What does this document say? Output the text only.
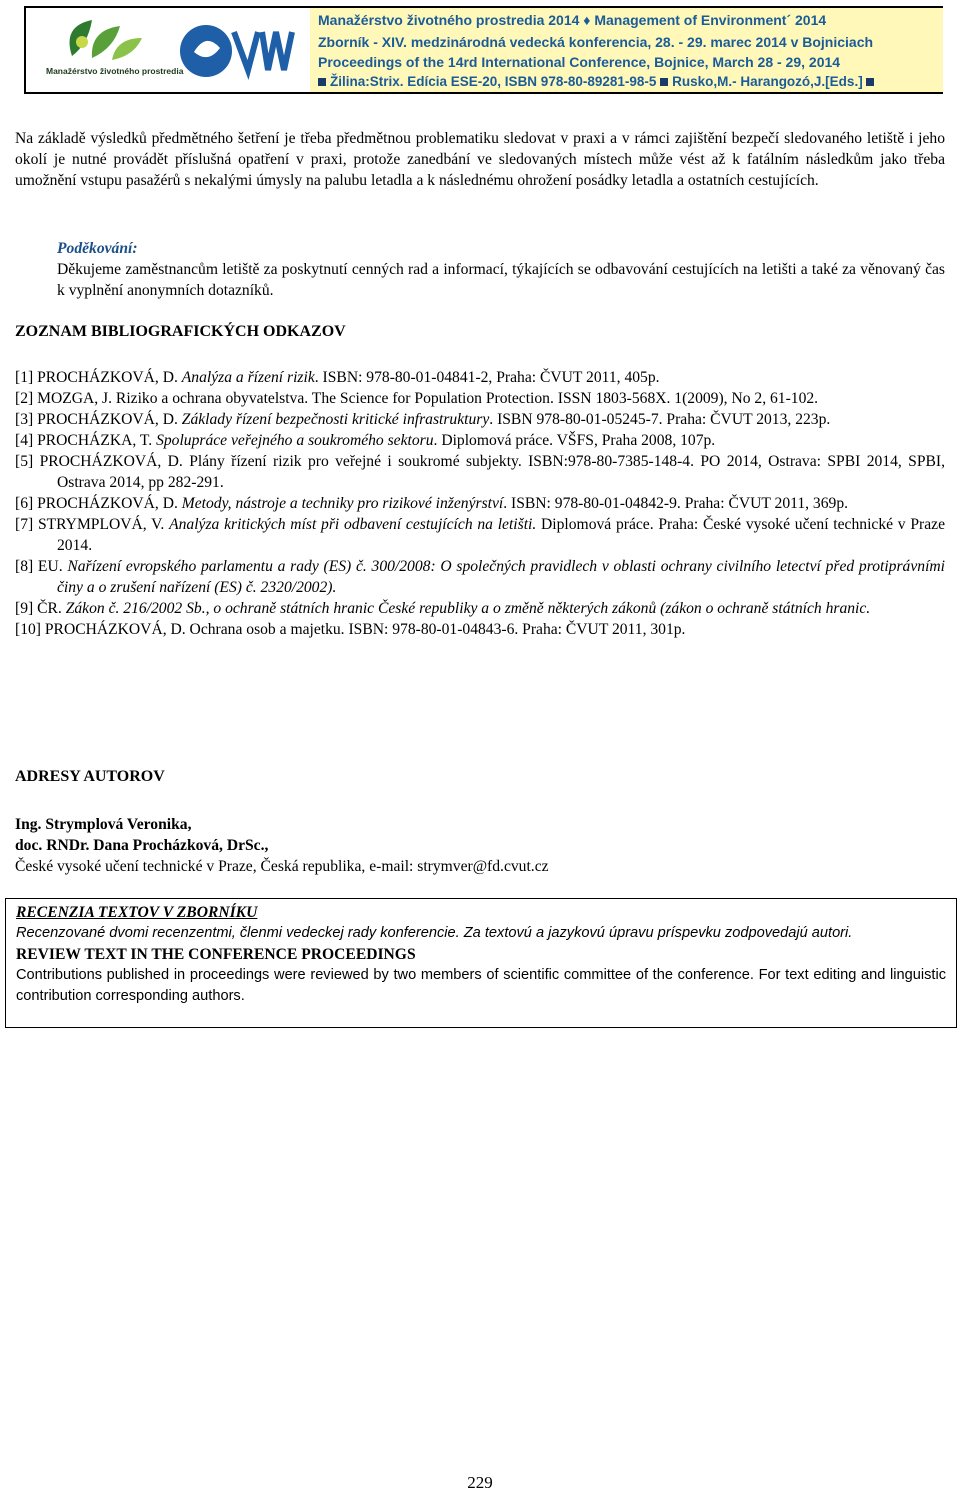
Manažérstvo životného prostredia
Manažérstvo životného prostredia 2014 ♦ Management of Environment´ 2014
Zborník - XIV. medzinárodná vedecká konferencia, 28. - 29. marec 2014 v Bojniciach
Proceedings of the 14rd International Conference, Bojnice, March 28 - 29, 2014
Žilina:Strix. Edícia ESE-20, ISBN 978-80-89281-98-5 Rusko,M.- Harangozó,J.[Eds.]
Na základě výsledků předmětného šetření je třeba předmětnou problematiku sledovat v praxi a v rámci zajištění bezpečí sledovaného letiště i jeho okolí je nutné provádět příslušná opatření v praxi, protože zanedbání ve sledovaných místech může vést až k fatálním následkům jako třeba umožnění vstupu pasažérů s nekalými úmysly na palubu letadla a k následnému ohrožení posádky letadla a ostatních cestujících.
Poděkování:
Děkujeme zaměstnancům letiště za poskytnutí cenných rad a informací, týkajících se odbavování cestujících na letišti a také za věnovaný čas k vyplnění anonymních dotazníků.
ZOZNAM BIBLIOGRAFICKÝCH ODKAZOV
[1] PROCHÁZKOVÁ, D. Analýza a řízení rizik. ISBN: 978-80-01-04841-2, Praha: ČVUT 2011, 405p.
[2] MOZGA, J. Riziko a ochrana obyvatelstva. The Science for Population Protection. ISSN 1803-568X. 1(2009), No 2, 61-102.
[3] PROCHÁZKOVÁ, D. Základy řízení bezpečnosti kritické infrastruktury. ISBN 978-80-01-05245-7. Praha: ČVUT 2013, 223p.
[4] PROCHÁZKA, T. Spolupráce veřejného a soukromého sektoru. Diplomová práce. VŠFS, Praha 2008, 107p.
[5] PROCHÁZKOVÁ, D. Plány řízení rizik pro veřejné i soukromé subjekty. ISBN:978-80-7385-148-4. PO 2014, Ostrava: SPBI 2014, SPBI, Ostrava 2014, pp 282-291.
[6] PROCHÁZKOVÁ, D. Metody, nástroje a techniky pro rizikové inženýrství. ISBN: 978-80-01-04842-9. Praha: ČVUT 2011, 369p.
[7] STRYMPLOVÁ, V. Analýza kritických míst při odbavení cestujících na letišti. Diplomová práce. Praha: České vysoké učení technické v Praze 2014.
[8] EU. Nařízení evropského parlamentu a rady (ES) č. 300/2008: O společných pravidlech v oblasti ochrany civilního letectví před protiprávními činy a o zrušení nařízení (ES) č. 2320/2002).
[9] ČR. Zákon č. 216/2002 Sb., o ochraně státních hranic České republiky a o změně některých zákonů (zákon o ochraně státních hranic.
[10] PROCHÁZKOVÁ, D. Ochrana osob a majetku. ISBN: 978-80-01-04843-6. Praha: ČVUT 2011, 301p.
ADRESY AUTOROV
Ing. Strymplová Veronika,
doc. RNDr. Dana Procházková, DrSc.,
České vysoké učení technické v Praze, Česká republika, e-mail: strymver@fd.cvut.cz
RECENZIA TEXTOV V ZBORNÍKU
Recenzované dvomi recenzentmi, členmi vedeckej rady konferencie. Za textovú a jazykovú úpravu príspevku zodpovedajú autori.
REVIEW TEXT IN THE CONFERENCE PROCEEDINGS
Contributions published in proceedings were reviewed by two members of scientific committee of the conference. For text editing and linguistic contribution corresponding authors.
229
